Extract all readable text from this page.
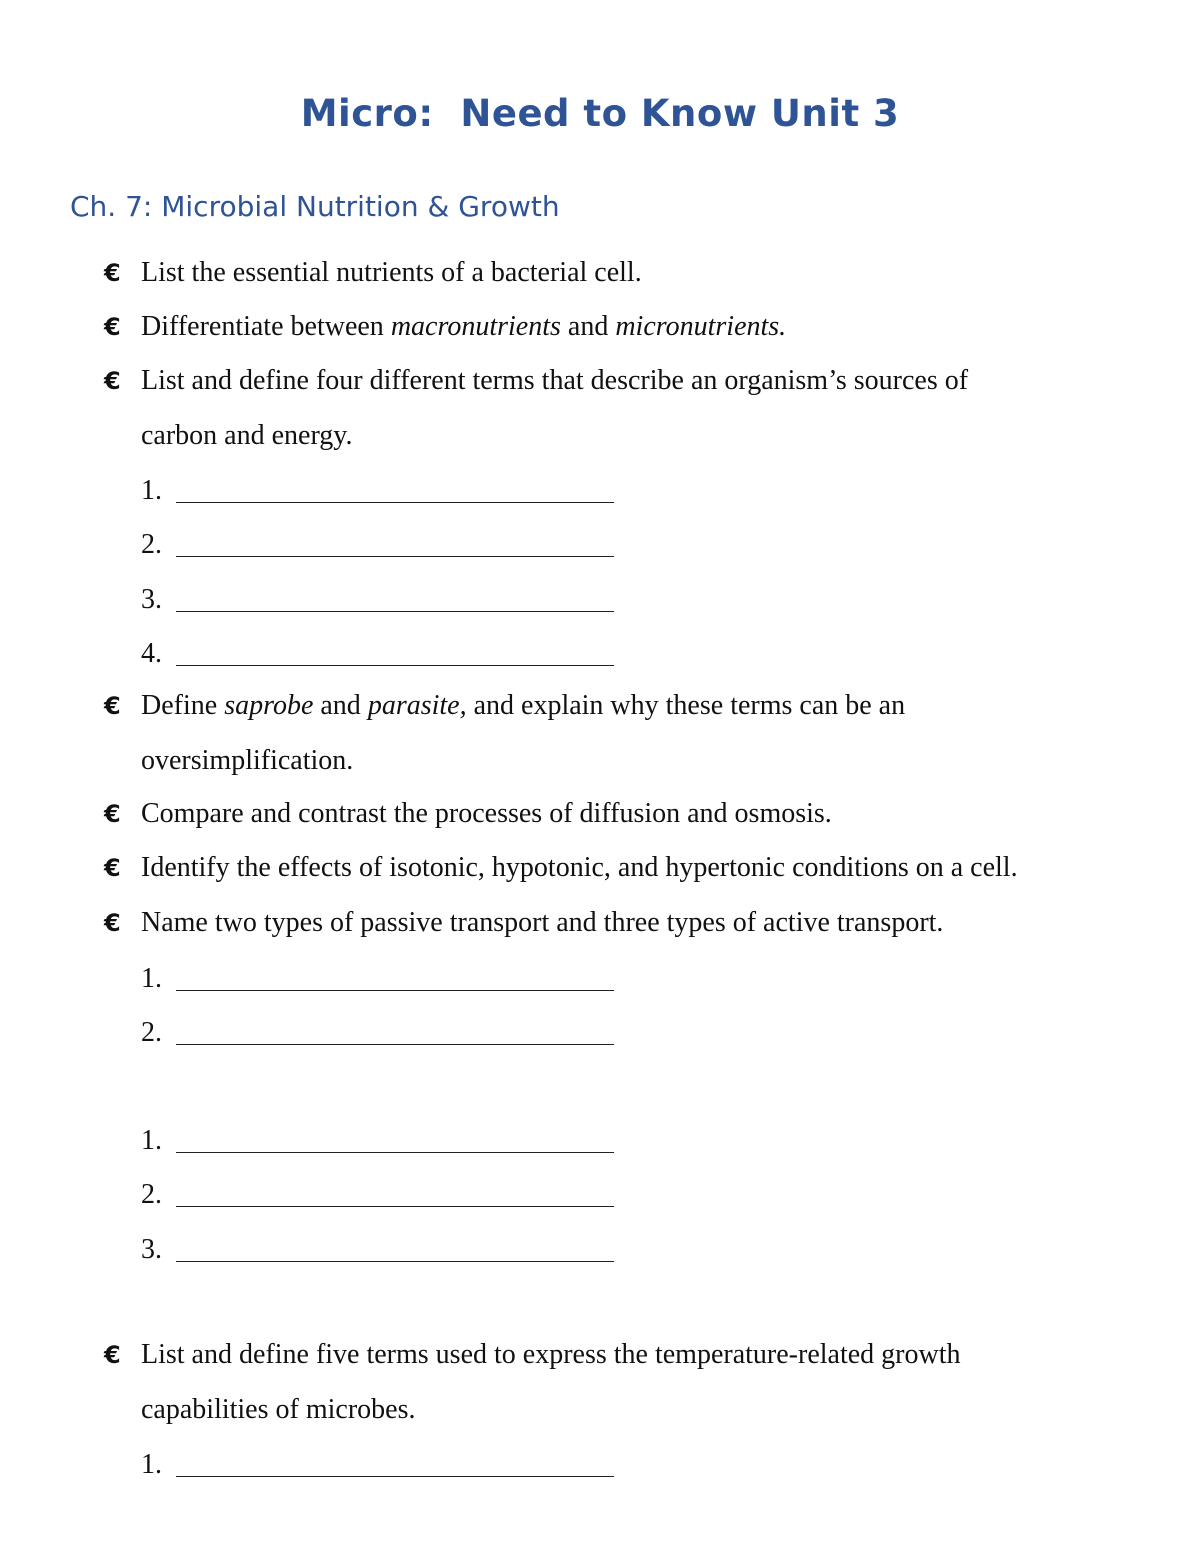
Micro:  Need to Know Unit 3
Ch. 7: Microbial Nutrition & Growth
€ List the essential nutrients of a bacterial cell.
€ Differentiate between macronutrients and micronutrients.
€ List and define four different terms that describe an organism’s sources of
carbon and energy.
1.
2.
3.
4.
€ Define saprobe and parasite, and explain why these terms can be an
oversimplification.
€ Compare and contrast the processes of diffusion and osmosis.
€ Identify the effects of isotonic, hypotonic, and hypertonic conditions on a cell.
€ Name two types of passive transport and three types of active transport.
1.
2.
1.
2.
3.
€ List and define five terms used to express the temperature-related growth
capabilities of microbes.
1.
